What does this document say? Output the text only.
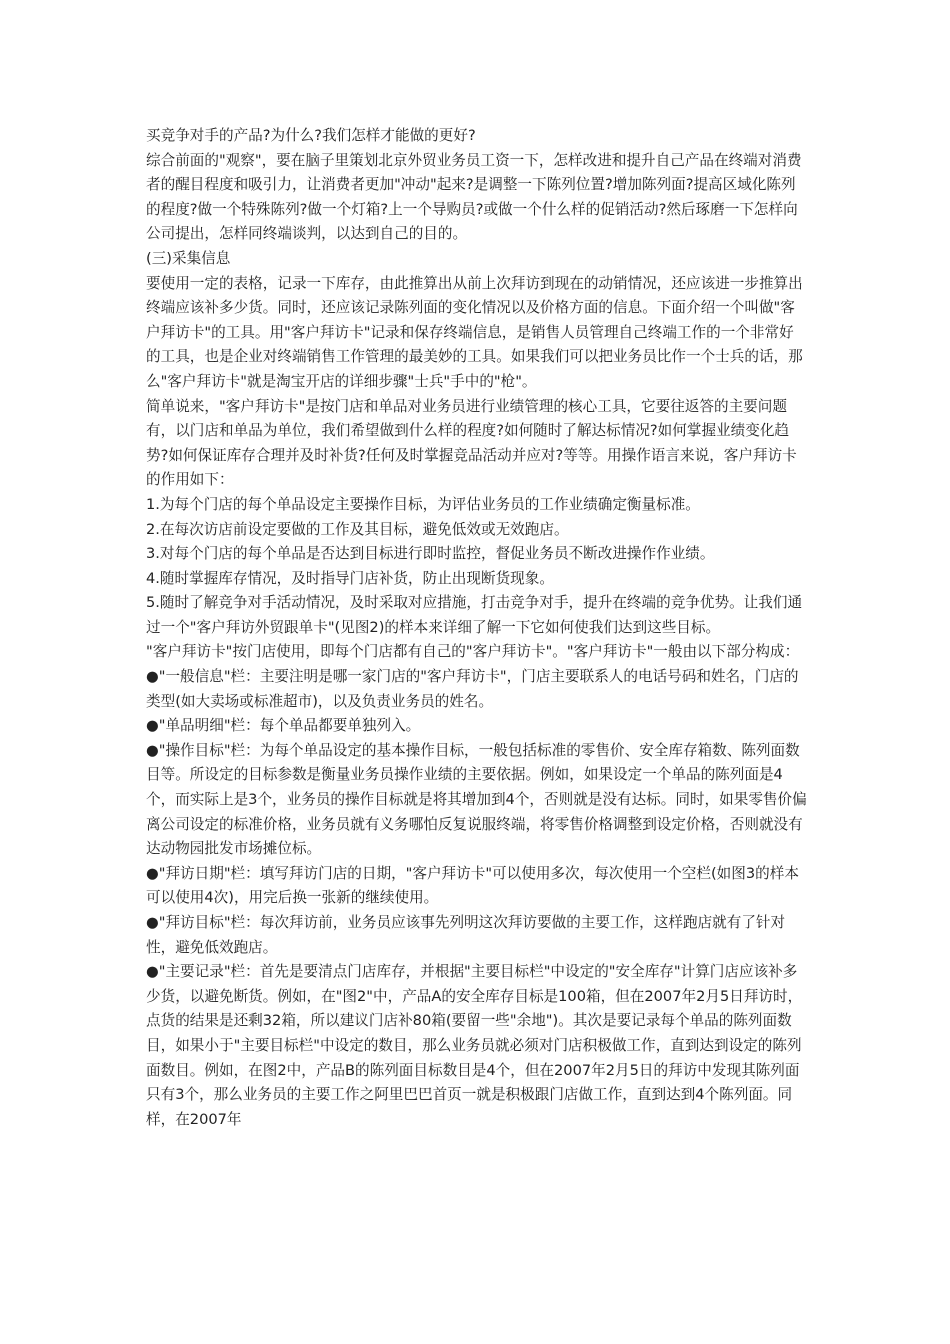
买竞争对手的产品?为什么?我们怎样才能做的更好?

综合前面的"观察"，要在脑子里策划北京外贸业务员工资一下，怎样改进和提升自己产品在终端对消费者的醒目程度和吸引力，让消费者更加"冲动"起来?是调整一下陈列位置?增加陈列面?提高区域化陈列的程度?做一个特殊陈列?做一个灯箱?上一个导购员?或做一个什么样的促销活动?然后琢磨一下怎样向公司提出，怎样同终端谈判，以达到自己的目的。

(三)采集信息

要使用一定的表格，记录一下库存，由此推算出从前上次拜访到现在的动销情况，还应该进一步推算出终端应该补多少货。同时，还应该记录陈列面的变化情况以及价格方面的信息。下面介绍一个叫做"客户拜访卡"的工具。用"客户拜访卡"记录和保存终端信息，是销售人员管理自己终端工作的一个非常好的工具，也是企业对终端销售工作管理的最美妙的工具。如果我们可以把业务员比作一个士兵的话，那么"客户拜访卡"就是淘宝开店的详细步骤"士兵"手中的"枪"。

简单说来，"客户拜访卡"是按门店和单品对业务员进行业绩管理的核心工具，它要往返答的主要问题有，以门店和单品为单位，我们希望做到什么样的程度?如何随时了解达标情况?如何掌握业绩变化趋势?如何保证库存合理并及时补货?任何及时掌握竞品活动并应对?等等。用操作语言来说，客户拜访卡的作用如下：

1.为每个门店的每个单品设定主要操作目标，为评估业务员的工作业绩确定衡量标准。

2.在每次访店前设定要做的工作及其目标，避免低效或无效跑店。

3.对每个门店的每个单品是否达到目标进行即时监控，督促业务员不断改进操作作业绩。

4.随时掌握库存情况，及时指导门店补货，防止出现断货现象。

5.随时了解竞争对手活动情况，及时采取对应措施，打击竞争对手，提升在终端的竞争优势。让我们通过一个"客户拜访外贸跟单卡"(见图2)的样本来详细了解一下它如何使我们达到这些目标。

"客户拜访卡"按门店使用，即每个门店都有自己的"客户拜访卡"。"客户拜访卡"一般由以下部分构成：

●"一般信息"栏：主要注明是哪一家门店的"客户拜访卡"，门店主要联系人的电话号码和姓名，门店的类型(如大卖场或标准超市)，以及负责业务员的姓名。

●"单品明细"栏：每个单品都要单独列入。

●"操作目标"栏：为每个单品设定的基本操作目标，一般包括标准的零售价、安全库存箱数、陈列面数目等。所设定的目标参数是衡量业务员操作业绩的主要依据。例如，如果设定一个单品的陈列面是4个，而实际上是3个，业务员的操作目标就是将其增加到4个，否则就是没有达标。同时，如果零售价偏离公司设定的标准价格，业务员就有义务哪怕反复说服终端，将零售价格调整到设定价格，否则就没有达动物园批发市场摊位标。

●"拜访日期"栏：填写拜访门店的日期，"客户拜访卡"可以使用多次，每次使用一个空栏(如图3的样本可以使用4次)，用完后换一张新的继续使用。

●"拜访目标"栏：每次拜访前，业务员应该事先列明这次拜访要做的主要工作，这样跑店就有了针对性，避免低效跑店。

●"主要记录"栏：首先是要清点门店库存，并根据"主要目标栏"中设定的"安全库存"计算门店应该补多少货，以避免断货。例如，在"图2"中，产品A的安全库存目标是100箱，但在2007年2月5日拜访时，点货的结果是还剩32箱，所以建议门店补80箱(要留一些"余地")。其次是要记录每个单品的陈列面数目，如果小于"主要目标栏"中设定的数目，那么业务员就必须对门店积极做工作，直到达到设定的陈列面数目。例如，在图2中，产品B的陈列面目标数目是4个，但在2007年2月5日的拜访中发现其陈列面只有3个，那么业务员的主要工作之阿里巴巴首页一就是积极跟门店做工作，直到达到4个陈列面。同样，在2007年
